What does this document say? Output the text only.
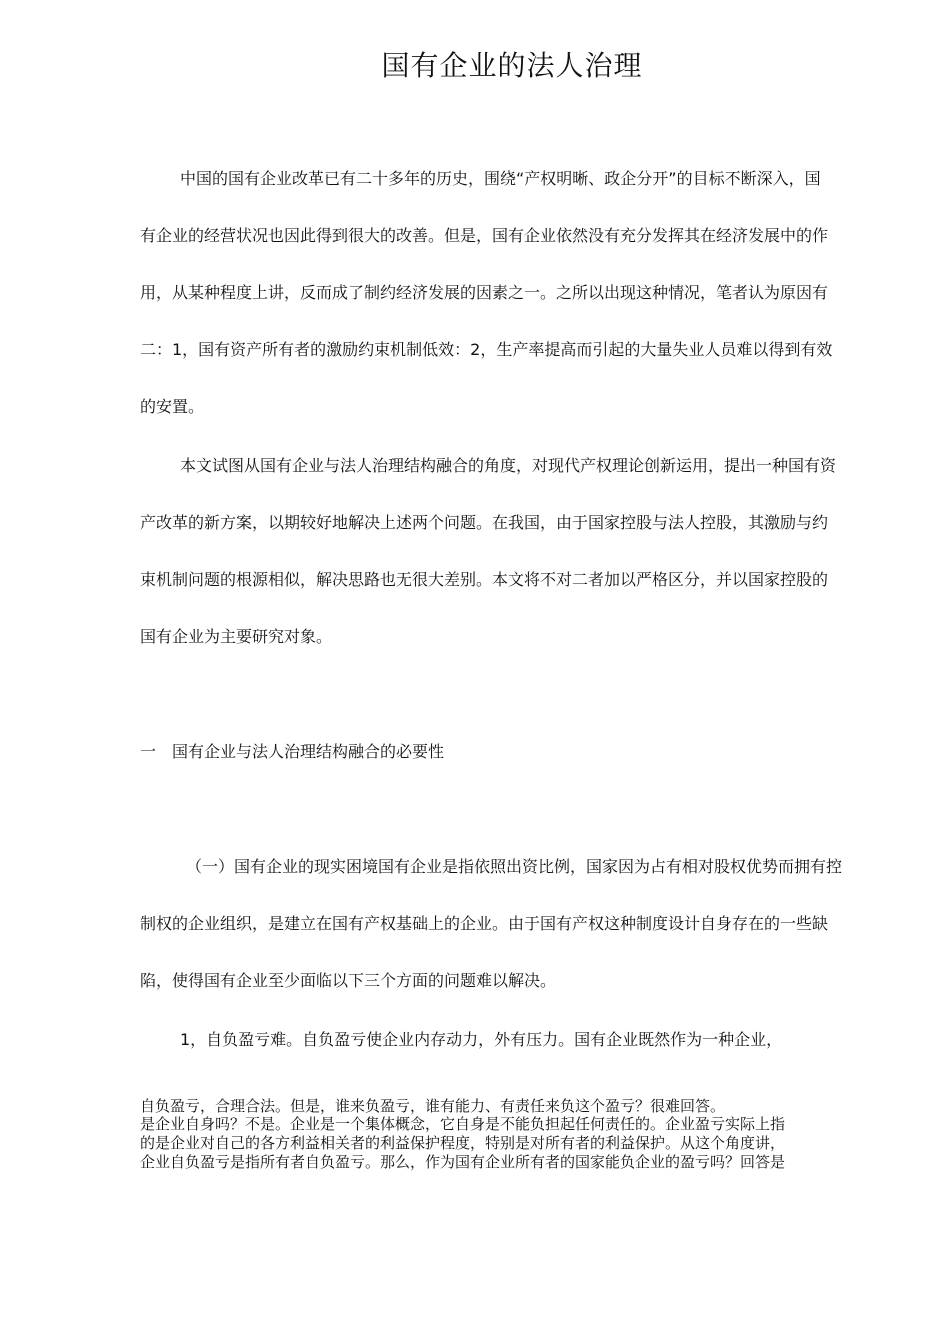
国有企业的法人治理
中国的国有企业改革已有二十多年的历史，围绕“产权明晰、政企分开”的目标不断深入，国
有企业的经营状况也因此得到很大的改善。但是，国有企业依然没有充分发挥其在经济发展中的作
用，从某种程度上讲，反而成了制约经济发展的因素之一。之所以出现这种情况，笔者认为原因有
二：1，国有资产所有者的激励约束机制低效：2，生产率提高而引起的大量失业人员难以得到有效
的安置。
本文试图从国有企业与法人治理结构融合的角度，对现代产权理论创新运用，提出一种国有资
产改革的新方案，以期较好地解决上述两个问题。在我国，由于国家控股与法人控股，其激励与约
束机制问题的根源相似，解决思路也无很大差别。本文将不对二者加以严格区分，并以国家控股的
国有企业为主要研究对象。
一　国有企业与法人治理结构融合的必要性
（一）国有企业的现实困境国有企业是指依照出资比例，国家因为占有相对股权优势而拥有控
制权的企业组织，是建立在国有产权基础上的企业。由于国有产权这种制度设计自身存在的一些缺
陷，使得国有企业至少面临以下三个方面的问题难以解决。
1，自负盈亏难。自负盈亏使企业内存动力，外有压力。国有企业既然作为一种企业，
自负盈亏，合理合法。但是，谁来负盈亏，谁有能力、有责任来负这个盈亏？很难回答。
是企业自身吗？不是。企业是一个集体概念，它自身是不能负担起任何责任的。企业盈亏实际上指
的是企业对自己的各方利益相关者的利益保护程度，特别是对所有者的利益保护。从这个角度讲，
企业自负盈亏是指所有者自负盈亏。那么，作为国有企业所有者的国家能负企业的盈亏吗？回答是
